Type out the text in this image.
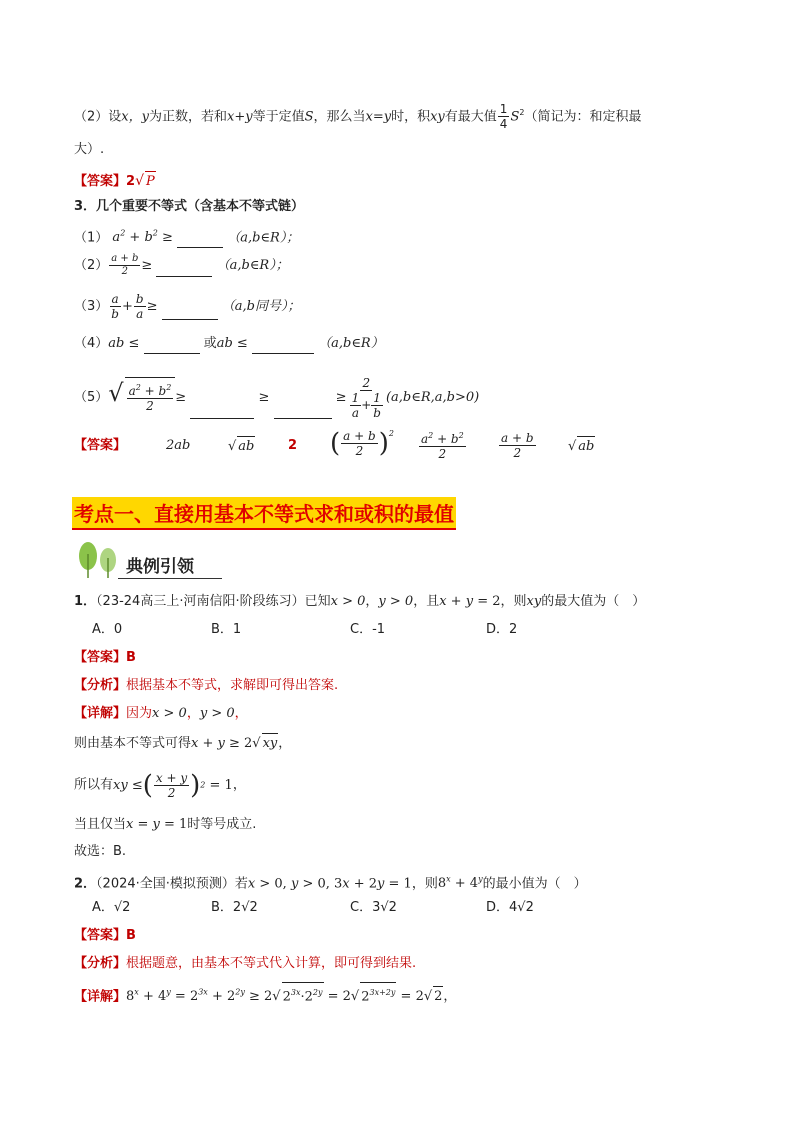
（2）设x，y为正数，若和x+y等于定值S，那么当x=y时，积xy有最大值 $\frac{1}{4} S^2$（简记为：和定积最
大）.
【答案】2√ P
3．几个重要不等式（含基本不等式链）
（1） $a^2 + b^2$ ≥	（a,b∈R）；
$(2) \frac{a + b}{2}$ ≥	（a,b∈R）；
$(3) \frac{a}{b} + \frac{b}{a}$ ≥	（a,b同号）；
（4）ab ≤	或ab ≤	（a,b∈R）
$(5)√ \frac{a^2 + b^2}{2}$ ≥	≥	≥ $\frac{2}{\frac{1}{a} + \frac{1}{b}}$ (a,b∈R,a,b>0)
【答案】	2ab	√ ab	2 ( $\frac{a + b}{2} )^2 \frac{a^2 + b^2}{2}$	$\frac{a + b}{2}$ √ ab
考点一、直接用基本不等式求和或积的最值
典例引领
1．（23-24高三上·河南信阳·阶段练习）已知x > 0，y > 0，且x + y = 2，则xy的最大值为（　）
A．0	B．1	C．-1	D．2
【答案】B
【分析】根据基本不等式，求解即可得出答案.
【详解】因为x > 0，y > 0，
则由基本不等式可得x + y ≥ 2√ xy，
所以有xy ≤( $\frac{x + y}{2} )^2 = 1$，
当且仅当x = y = 1时等号成立.
故选：B.
2．（2024·全国·模拟预测）若x > 0, y > 0, 3x + 2y = 1，则$8^x + 4^y$的最小值为（　）
A．√2	B．2√2	C．3√2	D．4√2
【答案】B
【分析】根据题意，由基本不等式代入计算，即可得到结果.
【详解】$8^x + 4^y = 2^{3x} + 2^{2y} \ge 2√$ $2^{3x}\cdot 2^{2y} = 2√$ $2^{3x+2y} = 2√$ 2，
